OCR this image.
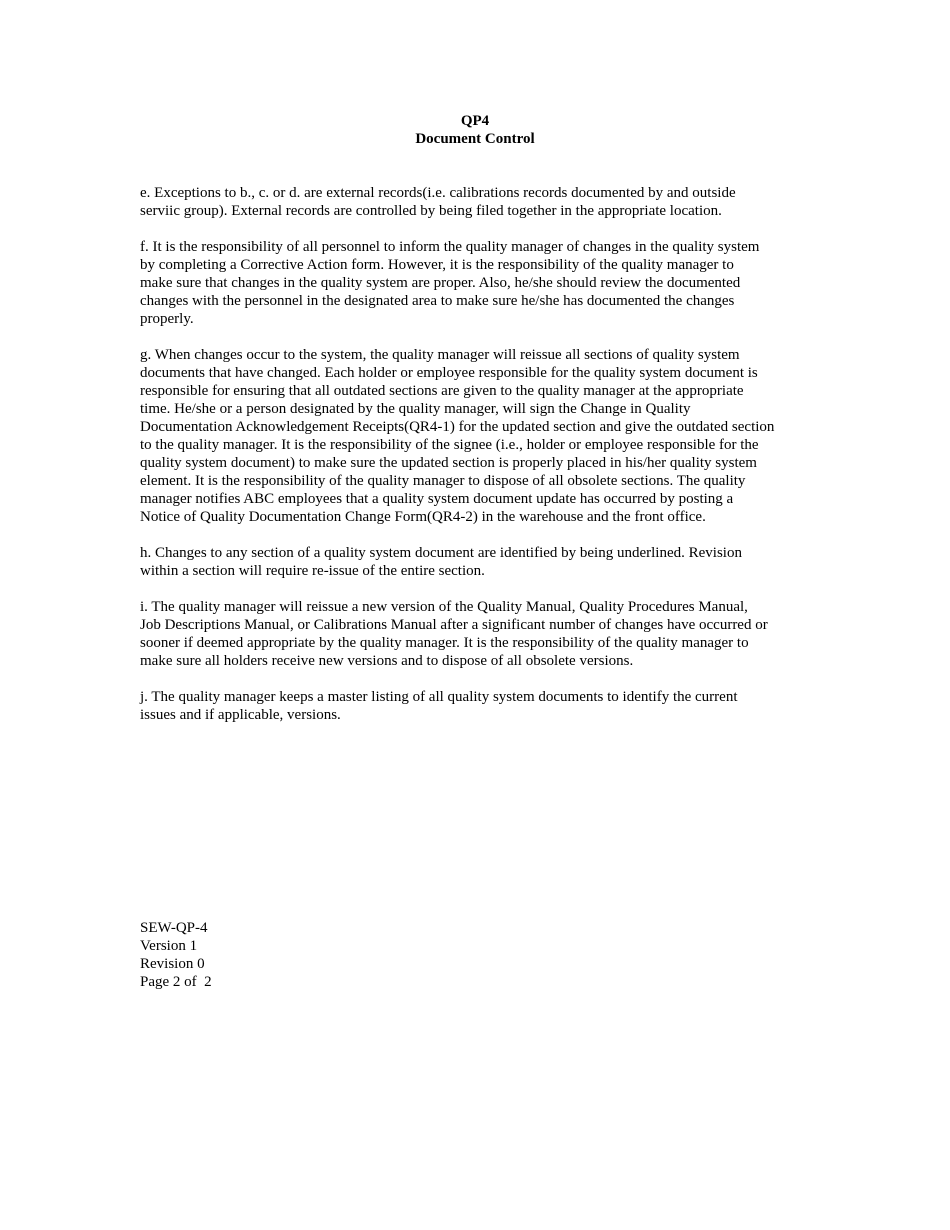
QP4
Document Control

e. Exceptions to b., c. or d. are external records(i.e. calibrations records documented by and outside
serviic group). External records are controlled by being filed together in the appropriate location.

f. It is the responsibility of all personnel to inform the quality manager of changes in the quality system
by completing a Corrective Action form. However, it is the responsibility of the quality manager to
make sure that changes in the quality system are proper. Also, he/she should review the documented
changes with the personnel in the designated area to make sure he/she has documented the changes
properly.

g. When changes occur to the system, the quality manager will reissue all sections of quality system
documents that have changed. Each holder or employee responsible for the quality system document is
responsible for ensuring that all outdated sections are given to the quality manager at the appropriate
time. He/she or a person designated by the quality manager, will sign the Change in Quality
Documentation Acknowledgement Receipts(QR4-1) for the updated section and give the outdated section
to the quality manager. It is the responsibility of the signee (i.e., holder or employee responsible for the
quality system document) to make sure the updated section is properly placed in his/her quality system
element. It is the responsibility of the quality manager to dispose of all obsolete sections. The quality
manager notifies ABC employees that a quality system document update has occurred by posting a
Notice of Quality Documentation Change Form(QR4-2) in the warehouse and the front office.

h. Changes to any section of a quality system document are identified by being underlined. Revision
within a section will require re-issue of the entire section.

i. The quality manager will reissue a new version of the Quality Manual, Quality Procedures Manual,
Job Descriptions Manual, or Calibrations Manual after a significant number of changes have occurred or
sooner if deemed appropriate by the quality manager. It is the responsibility of the quality manager to
make sure all holders receive new versions and to dispose of all obsolete versions.

j. The quality manager keeps a master listing of all quality system documents to identify the current
issues and if applicable, versions.

SEW-QP-4
Version 1
Revision 0
Page 2 of  2
